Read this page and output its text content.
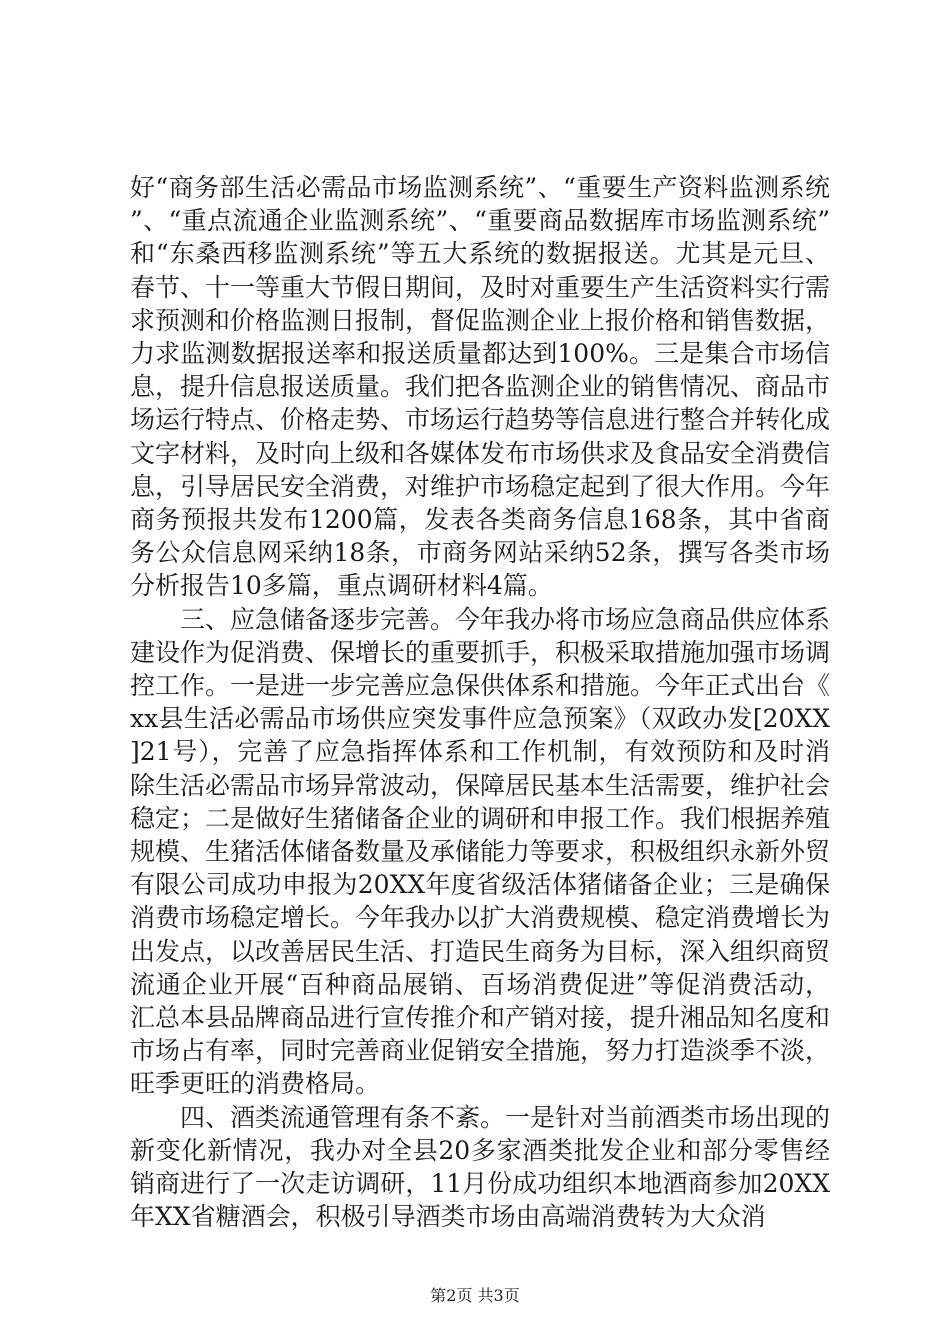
好“商务部生活必需品市场监测系统”、“重要生产资料监测系统”、“重点流通企业监测系统”、“重要商品数据库市场监测系统”和“东桑西移监测系统”等五大系统的数据报送。尤其是元旦、春节、十一等重大节假日期间，及时对重要生产生活资料实行需求预测和价格监测日报制，督促监测企业上报价格和销售数据，力求监测数据报送率和报送质量都达到100%。三是集合市场信息，提升信息报送质量。我们把各监测企业的销售情况、商品市场运行特点、价格走势、市场运行趋势等信息进行整合并转化成文字材料，及时向上级和各媒体发布市场供求及食品安全消费信息，引导居民安全消费，对维护市场稳定起到了很大作用。今年商务预报共发布1200篇，发表各类商务信息168条，其中省商务公众信息网采纳18条，市商务网站采纳52条，撰写各类市场分析报告10多篇，重点调研材料4篇。

三、应急储备逐步完善。今年我办将市场应急商品供应体系建设作为促消费、保增长的重要抓手，积极采取措施加强市场调控工作。一是进一步完善应急保供体系和措施。今年正式出台《xx县生活必需品市场供应突发事件应急预案》（双政办发[20XX]21号），完善了应急指挥体系和工作机制，有效预防和及时消除生活必需品市场异常波动，保障居民基本生活需要，维护社会稳定；二是做好生猪储备企业的调研和申报工作。我们根据养殖规模、生猪活体储备数量及承储能力等要求，积极组织永新外贸有限公司成功申报为20XX年度省级活体猪储备企业；三是确保消费市场稳定增长。今年我办以扩大消费规模、稳定消费增长为出发点，以改善居民生活、打造民生商务为目标，深入组织商贸流通企业开展“百种商品展销、百场消费促进”等促消费活动，汇总本县品牌商品进行宣传推介和产销对接，提升湘品知名度和市场占有率，同时完善商业促销安全措施，努力打造淡季不淡，旺季更旺的消费格局。

四、酒类流通管理有条不紊。一是针对当前酒类市场出现的新变化新情况，我办对全县20多家酒类批发企业和部分零售经销商进行了一次走访调研，11月份成功组织本地酒商参加20XX年XX省糖酒会，积极引导酒类市场由高端消费转为大众消

第2页 共3页
